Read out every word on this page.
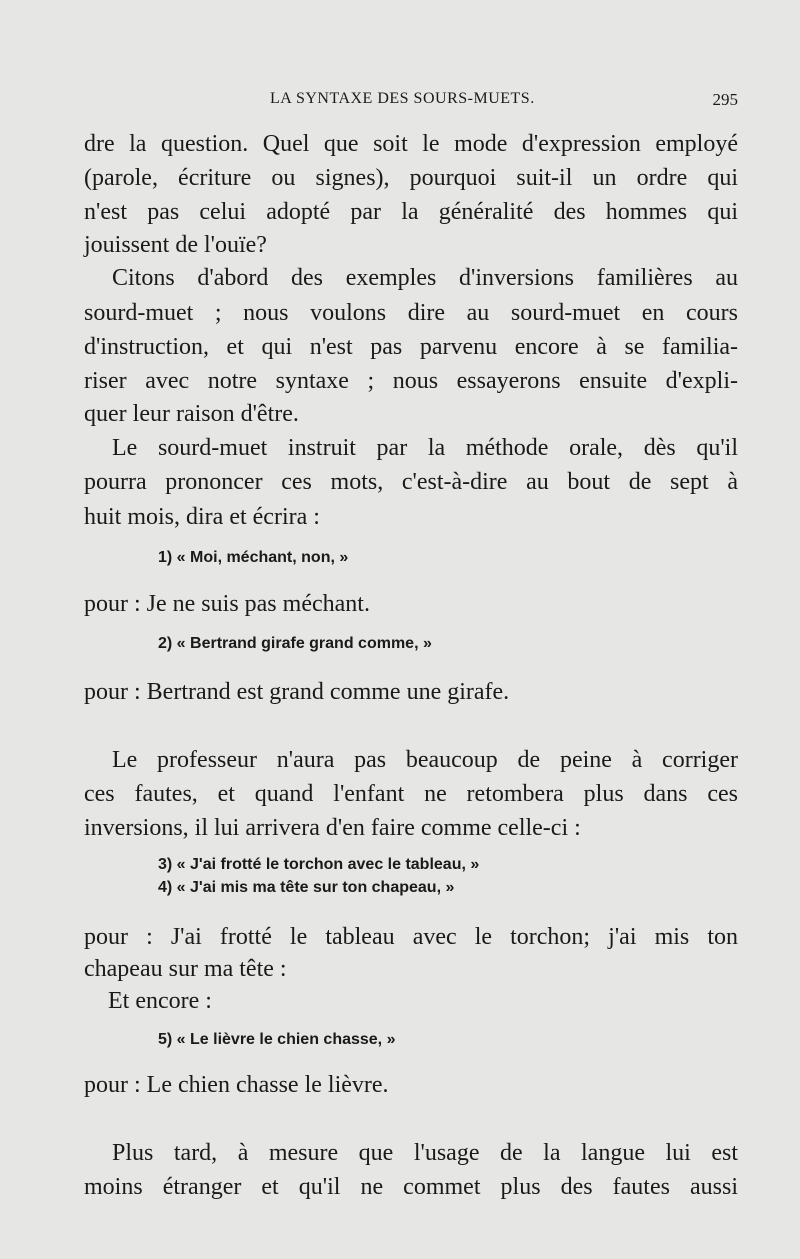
LA SYNTAXE DES SOURS-MUETS.	295
dre la question. Quel que soit le mode d'expression employé
(parole, écriture ou signes), pourquoi suit-il un ordre qui
n'est pas celui adopté par la généralité des hommes qui
jouissent de l'ouïe?
Citons d'abord des exemples d'inversions familières au
sourd-muet ; nous voulons dire au sourd-muet en cours
d'instruction, et qui n'est pas parvenu encore à se familia-
riser avec notre syntaxe ; nous essayerons ensuite d'expli-
quer leur raison d'être.
Le sourd-muet instruit par la méthode orale, dès qu'il
pourra prononcer ces mots, c'est-à-dire au bout de sept à
huit mois, dira et écrira :
1) « Moi, méchant, non, »
pour : Je ne suis pas méchant.
2) « Bertrand girafe grand comme, »
pour : Bertrand est grand comme une girafe.
Le professeur n'aura pas beaucoup de peine à corriger
ces fautes, et quand l'enfant ne retombera plus dans ces
inversions, il lui arrivera d'en faire comme celle-ci :
3) « J'ai frotté le torchon avec le tableau, »
4) « J'ai mis ma tête sur ton chapeau, »
pour : J'ai frotté le tableau avec le torchon; j'ai mis ton
chapeau sur ma tête :
Et encore :
5) « Le lièvre le chien chasse, »
pour : Le chien chasse le lièvre.
Plus tard, à mesure que l'usage de la langue lui est
moins étranger et qu'il ne commet plus des fautes aussi
